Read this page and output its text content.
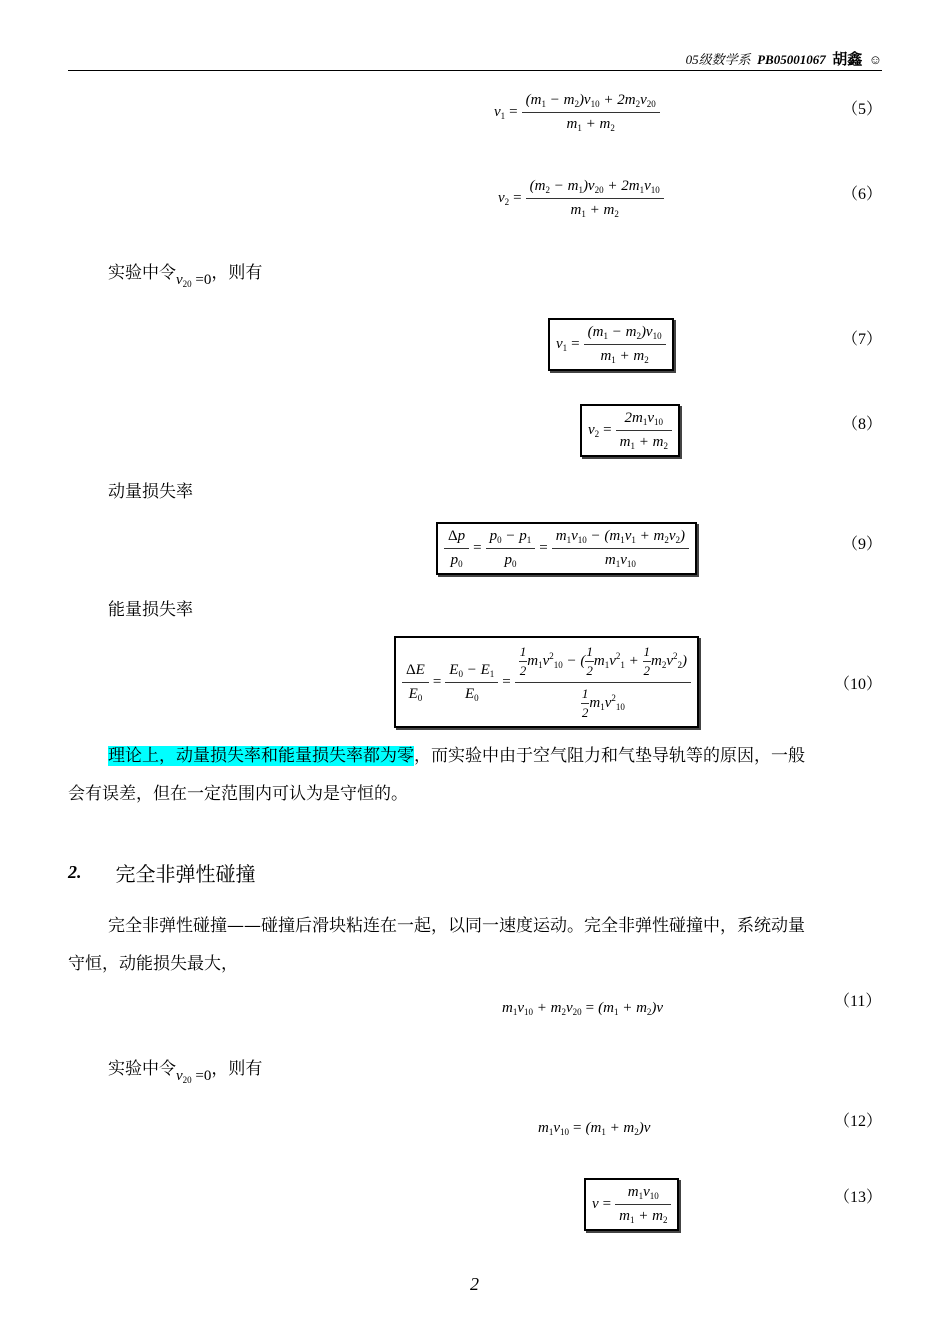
05级数学系 PB05001067 胡鑫 ☺
$v_1 = \frac{(m_1 - m_2)v_{10} + 2m_2v_{20}}{m_1 + m_2}$	（5）
$v_2 = \frac{(m_2 - m_1)v_{20} + 2m_1v_{10}}{m_1 + m_2}$	（6）
实验中令 $v_{20} =0$ ，则有
$v_1 = \frac{(m_1 - m_2)v_{10}}{m_1 + m_2}$	（7）
$v_2 = \frac{2m_1v_{10}}{m_1 + m_2}$	（8）
动量损失率
$\frac{\Delta p}{p_0} = \frac{p_0 - p_1}{p_0} = \frac{m_1v_{10} - (m_1v_1 + m_2v_2)}{m_1v_{10}}$	（9）
能量损失率
$\frac{\Delta E}{E_0} = \frac{E_0 - E_1}{E_0} = \frac{\frac{1}{2} m_1v^2_{10} - ( \frac{1}{2} m_1v^2_1 + \frac{1}{2} m_2v^2_2)}{\frac{1}{2} m_1v^2_{10}}$	（10）
理论上，动量损失率和能量损失率都为零，而实验中由于空气阻力和气垫导轨等的原因，一般
会有误差，但在一定范围内可认为是守恒的。
2. 完全非弹性碰撞
完全非弹性碰撞——碰撞后滑块粘连在一起，以同一速度运动。完全非弹性碰撞中，系统动量
守恒，动能损失最大，
$m_1v_{10} + m_2v_{20} = (m_1 + m_2)v$	（11）
实验中令 $v_{20} =0$ ，则有
$m_1v_{10} = (m_1 + m_2)v$	（12）
$v = \frac{m_1v_{10}}{m_1 + m_2}$	（13）
2
